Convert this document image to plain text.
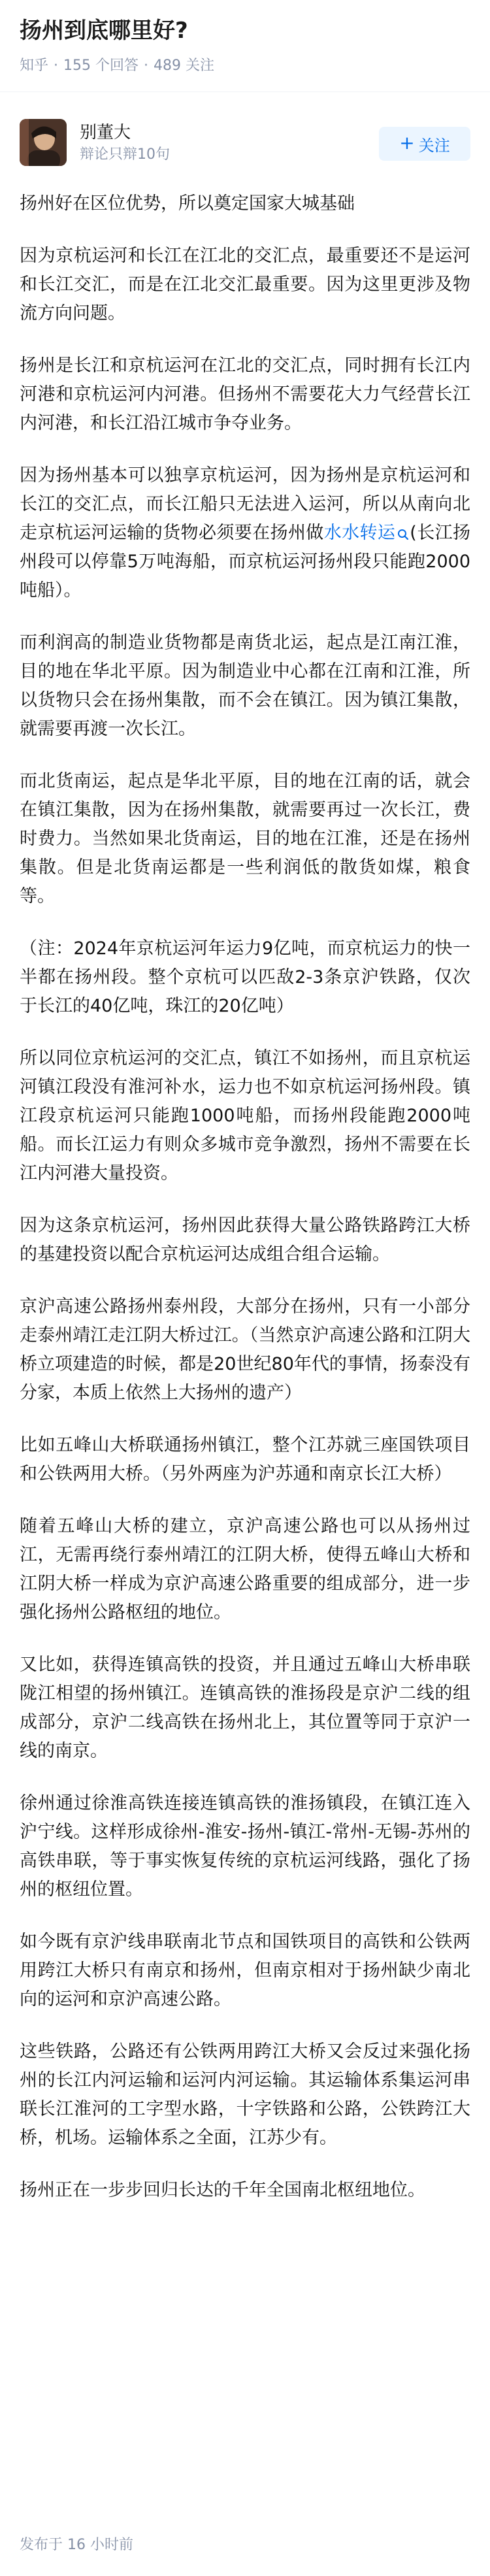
扬州到底哪里好?
知乎 · 155 个回答 · 489 关注
别董大
辩论只辩10句
+ 关注

扬州好在区位优势，所以奠定国家大城基础

因为京杭运河和长江在江北的交汇点，最重要还不是运河和长江交汇，而是在江北交汇最重要。因为这里更涉及物流方向问题。

扬州是长江和京杭运河在江北的交汇点，同时拥有长江内河港和京杭运河内河港。但扬州不需要花大力气经营长江内河港，和长江沿江城市争夺业务。

因为扬州基本可以独享京杭运河，因为扬州是京杭运河和长江的交汇点，而长江船只无法进入运河，所以从南向北走京杭运河运输的货物必须要在扬州做水水转运 (长江扬州段可以停靠5万吨海船，而京杭运河扬州段只能跑2000吨船）。

而利润高的制造业货物都是南货北运，起点是江南江淮，目的地在华北平原。因为制造业中心都在江南和江淮，所以货物只会在扬州集散，而不会在镇江。因为镇江集散，就需要再渡一次长江。

而北货南运，起点是华北平原，目的地在江南的话，就会在镇江集散，因为在扬州集散，就需要再过一次长江，费时费力。当然如果北货南运，目的地在江淮，还是在扬州集散。但是北货南运都是一些利润低的散货如煤，粮食等。

（注：2024年京杭运河年运力9亿吨，而京杭运力的快一半都在扬州段。整个京杭可以匹敌2-3条京沪铁路，仅次于长江的40亿吨，珠江的20亿吨）

所以同位京杭运河的交汇点，镇江不如扬州，而且京杭运河镇江段没有淮河补水，运力也不如京杭运河扬州段。镇江段京杭运河只能跑1000吨船，而扬州段能跑2000吨船。而长江运力有则众多城市竞争激烈，扬州不需要在长江内河港大量投资。

因为这条京杭运河，扬州因此获得大量公路铁路跨江大桥的基建投资以配合京杭运河达成组合组合运输。

京沪高速公路扬州泰州段，大部分在扬州，只有一小部分走泰州靖江走江阴大桥过江。（当然京沪高速公路和江阴大桥立项建造的时候，都是20世纪80年代的事情，扬泰没有分家，本质上依然上大扬州的遗产）

比如五峰山大桥联通扬州镇江，整个江苏就三座国铁项目和公铁两用大桥。（另外两座为沪苏通和南京长江大桥）

随着五峰山大桥的建立，京沪高速公路也可以从扬州过江，无需再绕行泰州靖江的江阴大桥，使得五峰山大桥和江阴大桥一样成为京沪高速公路重要的组成部分，进一步强化扬州公路枢纽的地位。

又比如，获得连镇高铁的投资，并且通过五峰山大桥串联陇江相望的扬州镇江。连镇高铁的淮扬段是京沪二线的组成部分，京沪二线高铁在扬州北上，其位置等同于京沪一线的南京。

徐州通过徐淮高铁连接连镇高铁的淮扬镇段，在镇江连入沪宁线。这样形成徐州-淮安-扬州-镇江-常州-无锡-苏州的高铁串联，等于事实恢复传统的京杭运河线路，强化了扬州的枢纽位置。

如今既有京沪线串联南北节点和国铁项目的高铁和公铁两用跨江大桥只有南京和扬州，但南京相对于扬州缺少南北向的运河和京沪高速公路。

这些铁路，公路还有公铁两用跨江大桥又会反过来强化扬州的长江内河运输和运河内河运输。其运输体系集运河串联长江淮河的工字型水路，十字铁路和公路，公铁跨江大桥，机场。运输体系之全面，江苏少有。

扬州正在一步步回归长达的千年全国南北枢纽地位。

发布于 16 小时前
